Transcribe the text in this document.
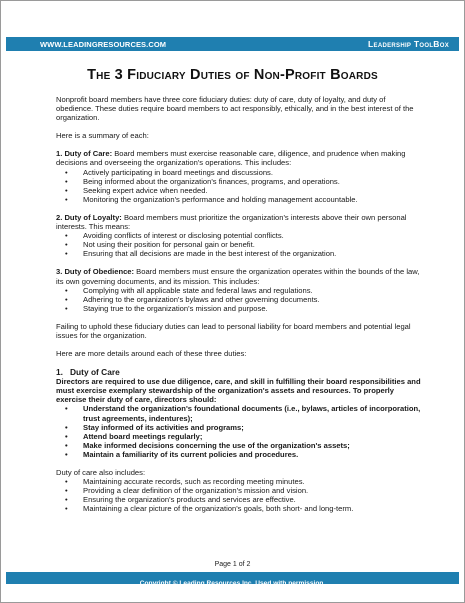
WWW.LEADINGRESOURCES.COM	Leadership ToolBox
The 3 Fiduciary Duties of Non-Profit Boards

Nonprofit board members have three core fiduciary duties: duty of care, duty of loyalty, and duty of obedience. These duties require board members to act responsibly, ethically, and in the best interest of the organization.

Here is a summary of each:

1. Duty of Care: Board members must exercise reasonable care, diligence, and prudence when making decisions and overseeing the organization's operations. This includes:

• Actively participating in board meetings and discussions.
• Being informed about the organization's finances, programs, and operations.
• Seeking expert advice when needed.
• Monitoring the organization's performance and holding management accountable.

2. Duty of Loyalty: Board members must prioritize the organization's interests above their own personal interests. This means:

• Avoiding conflicts of interest or disclosing potential conflicts.
• Not using their position for personal gain or benefit.
• Ensuring that all decisions are made in the best interest of the organization.

3. Duty of Obedience: Board members must ensure the organization operates within the bounds of the law, its own governing documents, and its mission. This includes:

• Complying with all applicable state and federal laws and regulations.
• Adhering to the organization's bylaws and other governing documents.
• Staying true to the organization's mission and purpose.

Failing to uphold these fiduciary duties can lead to personal liability for board members and potential legal issues for the organization.

Here are more details around each of these three duties:

1. Duty of Care

Directors are required to use due diligence, care, and skill in fulfilling their board responsibilities and must exercise exemplary stewardship of the organization's assets and resources. To properly exercise their duty of care, directors should:

• Understand the organization's foundational documents (i.e., bylaws, articles of incorporation, trust agreements, indentures);
• Stay informed of its activities and programs;
• Attend board meetings regularly;
• Make informed decisions concerning the use of the organization's assets;
• Maintain a familiarity of its current policies and procedures.

Duty of care also includes:

• Maintaining accurate records, such as recording meeting minutes.
• Providing a clear definition of the organization's mission and vision.
• Ensuring the organization's products and services are effective.
• Maintaining a clear picture of the organization's goals, both short- and long-term.
Page 1 of 2
Copyright © Leading Resources Inc. Used with permission.
